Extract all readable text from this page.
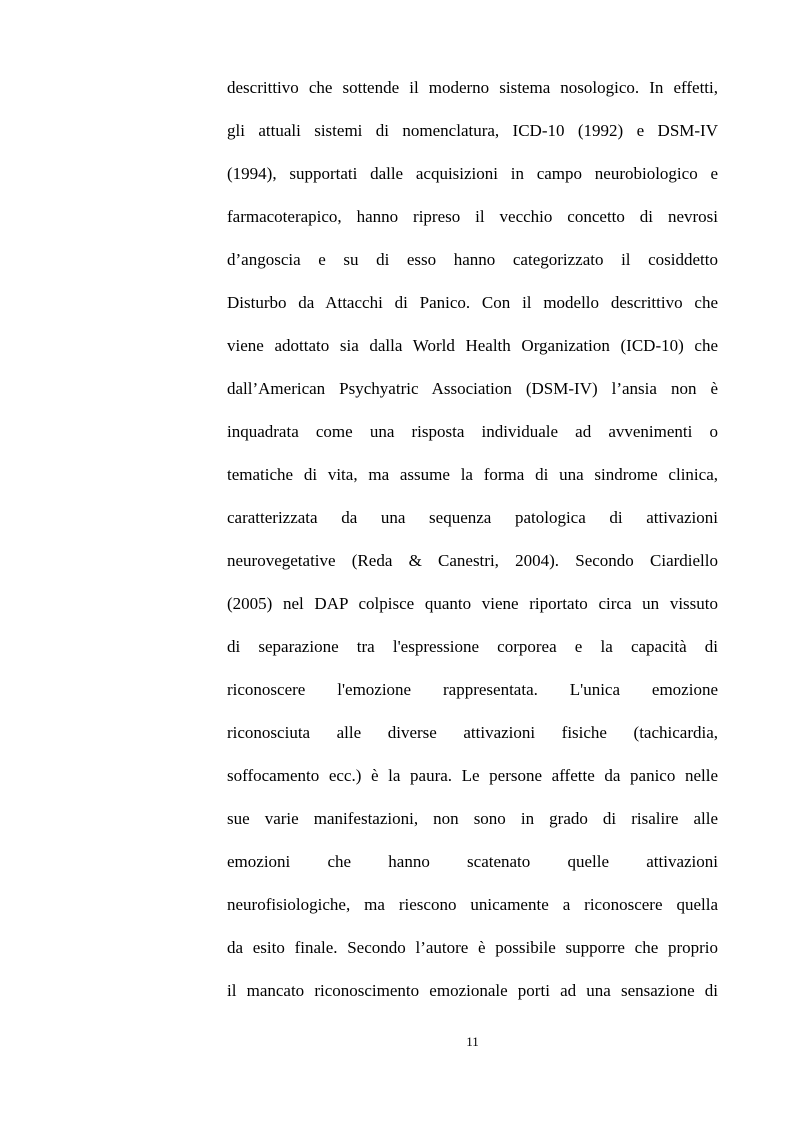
descrittivo che sottende il moderno sistema nosologico. In effetti,
gli attuali sistemi di nomenclatura, ICD-10 (1992) e DSM-IV
(1994), supportati dalle acquisizioni in campo neurobiologico e
farmacoterapico, hanno ripreso il vecchio concetto di nevrosi
d’angoscia e su di esso hanno categorizzato il cosiddetto
Disturbo da Attacchi di Panico. Con il modello descrittivo che
viene adottato sia dalla World Health Organization (ICD-10) che
dall’American Psychyatric Association (DSM-IV) l’ansia non è
inquadrata come una risposta individuale ad avvenimenti o
tematiche di vita, ma assume la forma di una sindrome clinica,
caratterizzata da una sequenza patologica di attivazioni
neurovegetative (Reda & Canestri, 2004). Secondo Ciardiello
(2005) nel DAP colpisce quanto viene riportato circa un vissuto
di separazione tra l'espressione corporea e la capacità di
riconoscere l'emozione rappresentata. L'unica emozione
riconosciuta alle diverse attivazioni fisiche (tachicardia,
soffocamento ecc.) è la paura. Le persone affette da panico nelle
sue varie manifestazioni, non sono in grado di risalire alle
emozioni che hanno scatenato quelle attivazioni
neurofisiologiche, ma riescono unicamente a riconoscere quella
da esito finale. Secondo l’autore è possibile supporre che proprio
il mancato riconoscimento emozionale porti ad una sensazione di
11
